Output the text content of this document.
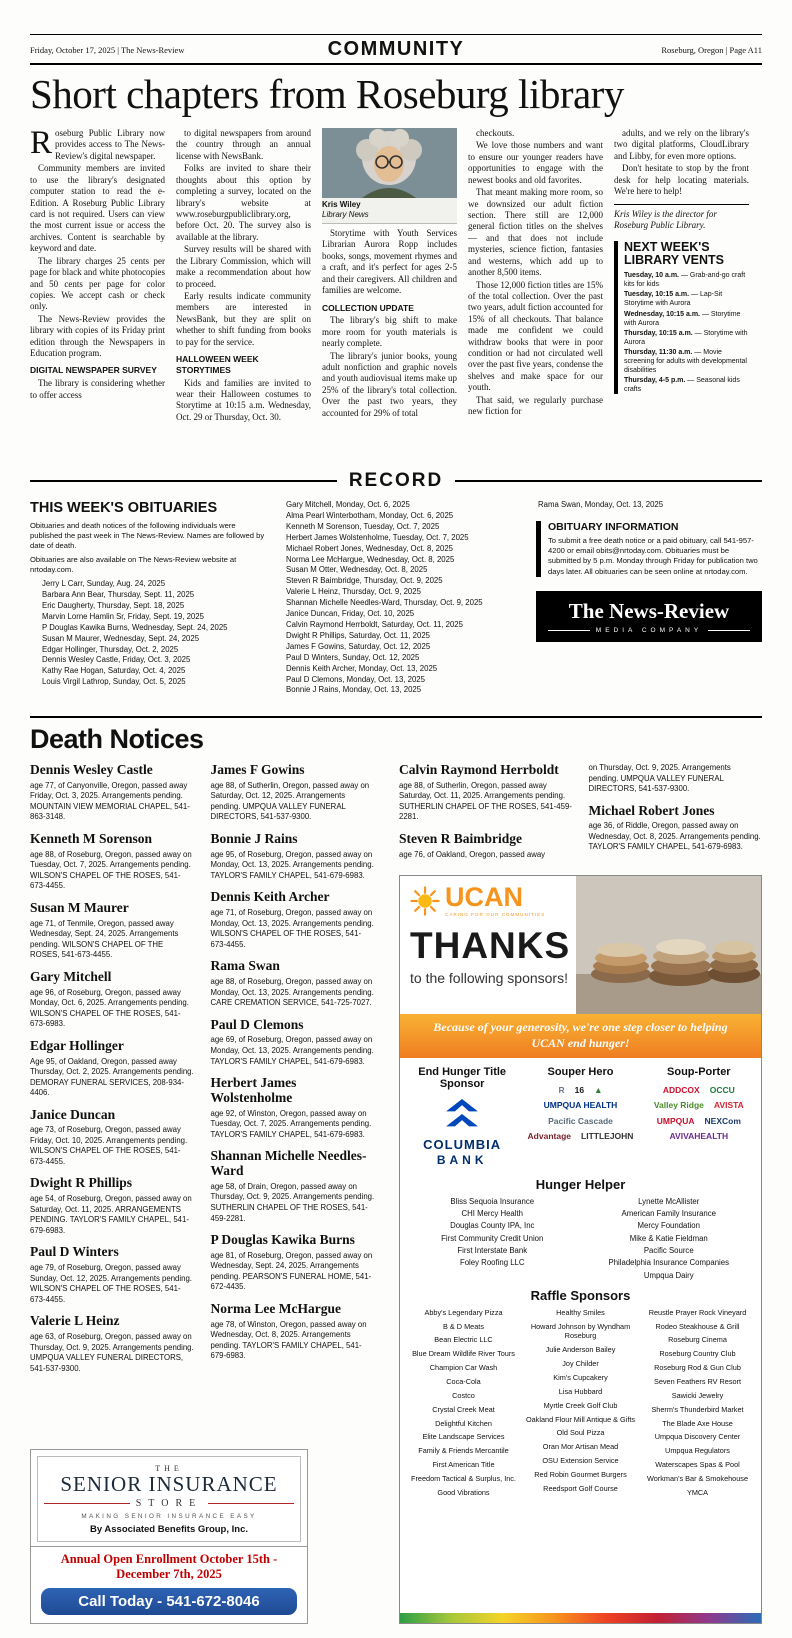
Friday, October 17, 2025 | The News-Review	COMMUNITY	Roseburg, Oregon | Page A11
Short chapters from Roseburg library

Roseburg Public Library now provides access to The News-Review's digital newspaper.

Community members are invited to use the library's designated computer station to read the e-Edition. A Roseburg Public Library card is not required. Users can view the most current issue or access the archives. Content is searchable by keyword and date.

The library charges 25 cents per page for black and white photocopies and 50 cents per page for color copies. We accept cash or check only.

The News-Review provides the library with copies of its Friday print edition through the Newspapers in Education program.

DIGITAL NEWSPAPER SURVEY

The library is considering whether to offer access

to digital newspapers from around the country through an annual license with NewsBank.

Folks are invited to share their thoughts about this option by completing a survey, located on the library's website at www.roseburgpubliclibrary.org, before Oct. 20. The survey also is available at the library.

Survey results will be shared with the Library Commission, which will make a recommendation about how to proceed.

Early results indicate community members are interested in NewsBank, but they are split on whether to shift funding from books to pay for the service.

HALLOWEEN WEEK STORYTIMES

Kids and families are invited to wear their Halloween costumes to Storytime at 10:15 a.m. Wednesday, Oct. 29 or Thursday, Oct. 30.

Kris Wiley
Library News

Storytime with Youth Services Librarian Aurora Ropp includes books, songs, movement rhymes and a craft, and it's perfect for ages 2-5 and their caregivers. All children and families are welcome.

COLLECTION UPDATE

The library's big shift to make more room for youth materials is nearly complete.

The library's junior books, young adult nonfiction and graphic novels and youth audiovisual items make up 25% of the library's total collection. Over the past two years, they accounted for 29% of total

checkouts.

We love those numbers and want to ensure our younger readers have opportunities to engage with the newest books and old favorites.

That meant making more room, so we downsized our adult fiction section. There still are 12,000 general fiction titles on the shelves — and that does not include mysteries, science fiction, fantasies and westerns, which add up to another 8,500 items.

Those 12,000 fiction titles are 15% of the total collection. Over the past two years, adult fiction accounted for 15% of all checkouts. That balance made me confident we could withdraw books that were in poor condition or had not circulated well over the past five years, condense the shelves and make space for our youth.

That said, we regularly purchase new fiction for

adults, and we rely on the library's two digital platforms, CloudLibrary and Libby, for even more options.

Don't hesitate to stop by the front desk for help locating materials. We're here to help!

Kris Wiley is the director for Roseburg Public Library.

NEXT WEEK'S LIBRARY VENTS

Tuesday, 10 a.m. — Grab-and-go craft kits for kids

Tuesday, 10:15 a.m. — Lap-Sit Storytime with Aurora

Wednesday, 10:15 a.m. — Storytime with Aurora

Thursday, 10:15 a.m. — Storytime with Aurora

Thursday, 11:30 a.m. — Movie screening for adults with developmental disabilities

Thursday, 4-5 p.m. — Seasonal kids crafts

RECORD
THIS WEEK'S OBITUARIES

Obituaries and death notices of the following individuals were published the past week in The News-Review. Names are followed by date of death.

Obituaries are also available on The News-Review website at nrtoday.com.

Jerry L Carr, Sunday, Aug. 24, 2025
Barbara Ann Bear, Thursday, Sept. 11, 2025
Eric Daugherty, Thursday, Sept. 18, 2025
Marvin Lorne Hamlin Sr, Friday, Sept. 19, 2025
P Douglas Kawika Burns, Wednesday, Sept. 24, 2025
Susan M Maurer, Wednesday, Sept. 24, 2025
Edgar Hollinger, Thursday, Oct. 2, 2025
Dennis Wesley Castle, Friday, Oct. 3, 2025
Kathy Rae Hogan, Saturday, Oct. 4, 2025
Louis Virgil Lathrop, Sunday, Oct. 5, 2025
Gary Mitchell, Monday, Oct. 6, 2025
Alma Pearl Winterbotham, Monday, Oct. 6, 2025
Kenneth M Sorenson, Tuesday, Oct. 7, 2025
Herbert James Wolstenholme, Tuesday, Oct. 7, 2025
Michael Robert Jones, Wednesday, Oct. 8, 2025
Norma Lee McHargue, Wednesday, Oct. 8, 2025
Susan M Otter, Wednesday, Oct. 8, 2025
Steven R Baimbridge, Thursday, Oct. 9, 2025
Valerie L Heinz, Thursday, Oct. 9, 2025
Shannan Michelle Needles-Ward, Thursday, Oct. 9, 2025
Janice Duncan, Friday, Oct. 10, 2025
Calvin Raymond Herrboldt, Saturday, Oct. 11, 2025
Dwight R Phillips, Saturday, Oct. 11, 2025
James F Gowins, Saturday, Oct. 12, 2025
Paul D Winters, Sunday, Oct. 12, 2025
Dennis Keith Archer, Monday, Oct. 13, 2025
Paul D Clemons, Monday, Oct. 13, 2025
Bonnie J Rains, Monday, Oct. 13, 2025
Rama Swan, Monday, Oct. 13, 2025
OBITUARY INFORMATION

To submit a free death notice or a paid obituary, call 541-957-4200 or email obits@nrtoday.com. Obituaries must be submitted by 5 p.m. Monday through Friday for publication two days later. All obituaries can be seen online at nrtoday.com.

The News-Review
MEDIA COMPANY
Death Notices
Dennis Wesley Castle

age 77, of Canyonville, Oregon, passed away Friday, Oct. 3, 2025. Arrangements pending. MOUNTAIN VIEW MEMORIAL CHAPEL, 541-863-3148.

Kenneth M Sorenson

age 88, of Roseburg, Oregon, passed away on Tuesday, Oct. 7, 2025. Arrangements pending. WILSON'S CHAPEL OF THE ROSES, 541-673-4455.

Susan M Maurer

age 71, of Tenmile, Oregon, passed away Wednesday, Sept. 24, 2025. Arrangements pending. WILSON'S CHAPEL OF THE ROSES, 541-673-4455.

Gary Mitchell

age 96, of Roseburg, Oregon, passed away Monday, Oct. 6, 2025. Arrangements pending. WILSON'S CHAPEL OF THE ROSES, 541-673-6983.

Edgar Hollinger

Age 95, of Oakland, Oregon, passed away Thursday, Oct. 2, 2025. Arrangements pending. DEMORAY FUNERAL SERVICES, 208-934-4406.

Janice Duncan

age 73, of Roseburg, Oregon, passed away Friday, Oct. 10, 2025. Arrangements pending. WILSON'S CHAPEL OF THE ROSES, 541-673-4455.

Dwight R Phillips

age 54, of Roseburg, Oregon, passed away on Saturday, Oct. 11, 2025. ARRANGEMENTS PENDING. TAYLOR'S FAMILY CHAPEL, 541-679-6983.

Paul D Winters

age 79, of Roseburg, Oregon, passed away Sunday, Oct. 12, 2025. Arrangements pending. WILSON'S CHAPEL OF THE ROSES, 541-673-4455.

Valerie L Heinz

age 63, of Roseburg, Oregon, passed away on Thursday, Oct. 9, 2025. Arrangements pending. UMPQUA VALLEY FUNERAL DIRECTORS, 541-537-9300.

James F Gowins

age 88, of Sutherlin, Oregon, passed away on Saturday, Oct. 12, 2025. Arrangements pending. UMPQUA VALLEY FUNERAL DIRECTORS, 541-537-9300.

Bonnie J Rains

age 95, of Roseburg, Oregon, passed away on Monday, Oct. 13, 2025. Arrangements pending. TAYLOR'S FAMILY CHAPEL, 541-679-6983.

Dennis Keith Archer

age 71, of Roseburg, Oregon, passed away on Monday, Oct. 13, 2025. Arrangements pending. WILSON'S CHAPEL OF THE ROSES, 541-673-4455.

Rama Swan

age 88, of Roseburg, Oregon, passed away on Monday, Oct. 13, 2025. Arrangements pending. CARE CREMATION SERVICE, 541-725-7027.

Paul D Clemons

age 69, of Roseburg, Oregon, passed away on Monday, Oct. 13, 2025. Arrangements pending. TAYLOR'S FAMILY CHAPEL, 541-679-6983.

Herbert James Wolstenholme

age 92, of Winston, Oregon, passed away on Tuesday, Oct. 7, 2025. Arrangements pending. TAYLOR'S FAMILY CHAPEL, 541-679-6983.

Shannan Michelle Needles-Ward

age 58, of Drain, Oregon, passed away on Thursday, Oct. 9, 2025. Arrangements pending. SUTHERLIN CHAPEL OF THE ROSES, 541-459-2281.

P Douglas Kawika Burns

age 81, of Roseburg, Oregon, passed away on Wednesday, Sept. 24, 2025. Arrangements pending. PEARSON'S FUNERAL HOME, 541-672-4435.

Norma Lee McHargue

age 78, of Winston, Oregon, passed away on Wednesday, Oct. 8, 2025. Arrangements pending. TAYLOR'S FAMILY CHAPEL, 541-679-6983.

THE
SENIOR INSURANCE
STORE
MAKING SENIOR INSURANCE EASY
By Associated Benefits Group, Inc.
Annual Open Enrollment October 15th - December 7th, 2025
Call Today - 541-672-8046
Calvin Raymond Herrboldt

age 88, of Sutherlin, Oregon, passed away Saturday, Oct. 11, 2025. Arrangements pending. SUTHERLIN CHAPEL OF THE ROSES, 541-459-2281.

Steven R Baimbridge

age 76, of Oakland, Oregon, passed away

on Thursday, Oct. 9, 2025. Arrangements pending. UMPQUA VALLEY FUNERAL DIRECTORS, 541-537-9300.

Michael Robert Jones

age 36, of Riddle, Oregon, passed away on Wednesday, Oct. 8, 2025. Arrangements pending. TAYLOR'S FAMILY CHAPEL, 541-679-6983.

UCAN
CARING FOR OUR COMMUNITIES
THANKS
to the following sponsors!
Because of your generosity, we're one step closer to helping UCAN end hunger!
End Hunger Title Sponsor
COLUMBIA
BANK
Souper Hero
R 16 ▲
UMPQUA HEALTH
Pacific Cascade
Advantage LITTLEJOHN
Soup-Porter
ADDCOX OCCU
Valley Ridge AVISTA
UMPQUA NEXCom
AVIVAHEALTH
Hunger Helper

Bliss Sequoia Insurance

CHI Mercy Health

Douglas County IPA, Inc

First Community Credit Union

First Interstate Bank

Foley Roofing LLC

Lynette McAllister

American Family Insurance

Mercy Foundation

Mike & Katie Fieldman

Pacific Source

Philadelphia Insurance Companies

Umpqua Dairy

Raffle Sponsors

Abby's Legendary Pizza

B & D Meats

Bean Electric LLC

Blue Dream Wildlife River Tours

Champion Car Wash

Coca-Cola

Costco

Crystal Creek Meat

Delightful Kitchen

Elite Landscape Services

Family & Friends Mercantile

First American Title

Freedom Tactical & Surplus, Inc.

Good Vibrations

Healthy Smiles

Howard Johnson by Wyndham Roseburg

Julie Anderson Bailey

Joy Childer

Kim's Cupcakery

Lisa Hubbard

Myrtle Creek Golf Club

Oakland Flour Mill Antique & Gifts

Old Soul Pizza

Oran Mor Artisan Mead

OSU Extension Service

Red Robin Gourmet Burgers

Reedsport Golf Course

Reustle Prayer Rock Vineyard

Rodeo Steakhouse & Grill

Roseburg Cinema

Roseburg Country Club

Roseburg Rod & Gun Club

Seven Feathers RV Resort

Sawicki Jewelry

Sherm's Thunderbird Market

The Blade Axe House

Umpqua Discovery Center

Umpqua Regulators

Waterscapes Spas & Pool

Workman's Bar & Smokehouse

YMCA
